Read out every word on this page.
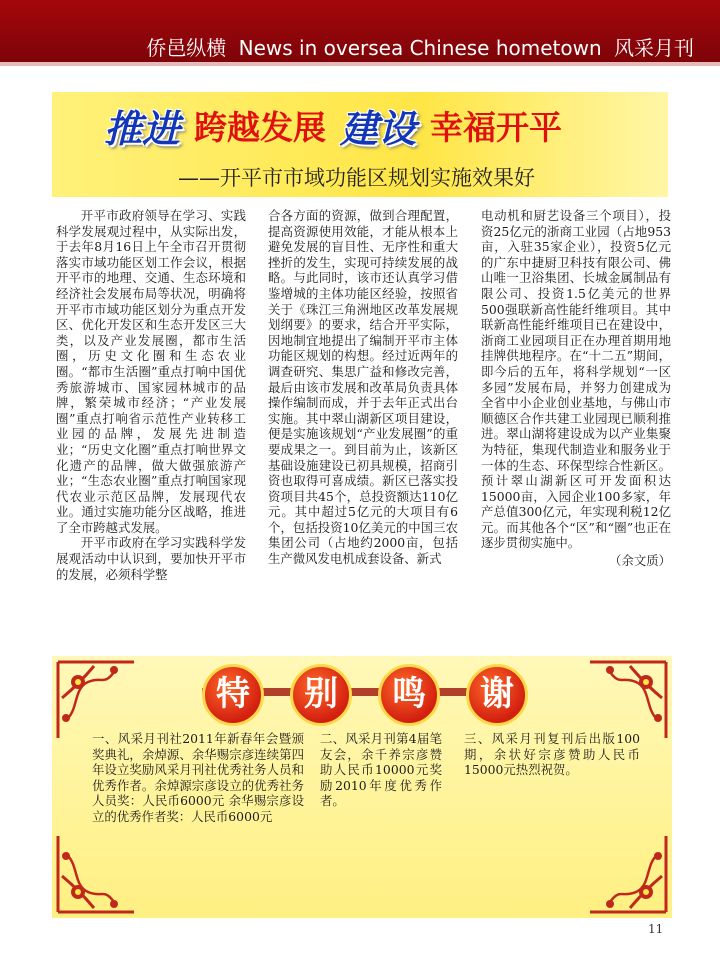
侨邑纵横 News in oversea Chinese hometown 风采月刊
推进 跨越发展 建设 幸福开平
——开平市市域功能区规划实施效果好

开平市政府领导在学习、实践科学发展观过程中，从实际出发，于去年8月16日上午全市召开贯彻落实市域功能区划工作会议，根据开平市的地理、交通、生态环境和经济社会发展布局等状况，明确将开平市市域功能区划分为重点开发区、优化开发区和生态开发区三大类，以及产业发展圈，都市生活圈，历史文化圈和生态农业圈。“都市生活圈”重点打响中国优秀旅游城市、国家园林城市的品牌，繁荣城市经济；“产业发展圈”重点打响省示范性产业转移工业园的品牌，发展先进制造业；“历史文化圈”重点打响世界文化遗产的品牌，做大做强旅游产业；“生态农业圈”重点打响国家现代农业示范区品牌，发展现代农业。通过实施功能分区战略，推进了全市跨越式发展。

开平市政府在学习实践科学发展观活动中认识到，要加快开平市的发展，必须科学整

合各方面的资源，做到合理配置，提高资源使用效能，才能从根本上避免发展的盲目性、无序性和重大挫折的发生，实现可持续发展的战略。与此同时，该市还认真学习借鉴增城的主体功能区经验，按照省关于《珠江三角洲地区改革发展规划纲要》的要求，结合开平实际，因地制宜地提出了编制开平市主体功能区规划的构想。经过近两年的调查研究、集思广益和修改完善，最后由该市发展和改革局负责具体操作编制而成，并于去年正式出台实施。其中翠山湖新区项目建设，便是实施该规划“产业发展圈”的重要成果之一。到目前为止，该新区基础设施建设已初具规模，招商引资也取得可喜成绩。新区已落实投资项目共45个，总投资额达110亿元。其中超过5亿元的大项目有6个，包括投资10亿美元的中国三农集团公司（占地约2000亩，包括生产微风发电机成套设备、新式

电动机和厨艺设备三个项目），投资25亿元的浙商工业园（占地953亩，入驻35家企业），投资5亿元的广东中捷厨卫科技有限公司、佛山唯一卫浴集团、长城金属制品有限公司、投资1.5亿美元的世界500强联新高性能纤维项目。其中联新高性能纤维项目已在建设中，浙商工业园项目正在办理首期用地挂牌供地程序。在“十二五”期间，即今后的五年，将科学规划“一区多园”发展布局，并努力创建成为全省中小企业创业基地，与佛山市顺德区合作共建工业园现已顺利推进。翠山湖将建设成为以产业集聚为特征，集现代制造业和服务业于一体的生态、环保型综合性新区。预计翠山湖新区可开发面积达15000亩，入园企业100多家，年产总值300亿元，年实现利税12亿元。而其他各个“区”和“圈”也正在逐步贯彻实施中。

（余文质）
特	别	鸣	谢
一、风采月刊社2011年新春年会暨颁奖典礼，余焯源、余华赐宗彦连续第四年设立奖励风采月刊社优秀社务人员和优秀作者。余焯源宗彦设立的优秀社务人员奖：人民币6000元 余华赐宗彦设立的优秀作者奖：人民币6000元
二、风采月刊第4届笔友会，余千养宗彦赞助人民币10000元奖励2010年度优秀作者。
三、风采月刊复刊后出版100期，余状好宗彦赞助人民币15000元热烈祝贺。
11
